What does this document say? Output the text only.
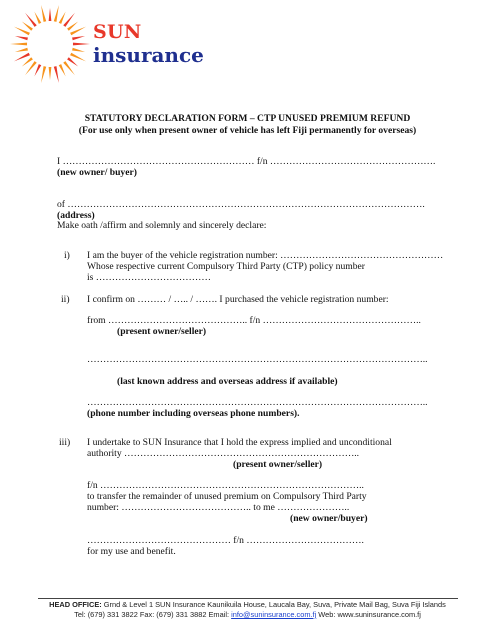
SUN
insurance
STATUTORY DECLARATION FORM – CTP UNUSED PREMIUM REFUND
(For use only when present owner of vehicle has left Fiji permanently for overseas)
I …………………………………………………… f/n …………………………………………….
(new owner/ buyer)
of ………………………………………………………………………………………………….
(address)
Make oath /affirm and solemnly and sincerely declare:
i) I am the buyer of the vehicle registration number: ……………………………………………
Whose respective current Compulsory Third Party (CTP) policy number
is ………………………………
ii) I confirm on ……… / ….. / ……. I purchased the vehicle registration number:
from …………………………………….. f/n …………………………………………..
(present owner/seller)
……………………………………………………………………………………………..
(last known address and overseas address if available)
……………………………………………………………………………………………..
(phone number including overseas phone numbers).
iii) I undertake to SUN Insurance that I hold the express implied and unconditional
authority ………………………………………………………………..
(present owner/seller)
f/n ………………………………………………………………………..
to transfer the remainder of unused premium on Compulsory Third Party
number: ………………………………….. to me …………………..
(new owner/buyer)
……………………………………… f/n ……………………………….
for my use and benefit.
HEAD OFFICE: Grnd & Level 1 SUN Insurance Kaunikuila House, Laucala Bay, Suva, Private Mail Bag, Suva Fiji Islands
Tel: (679) 331 3822 Fax: (679) 331 3882 Email: info@suninsurance.com.fj Web: www.suninsurance.com.fj
